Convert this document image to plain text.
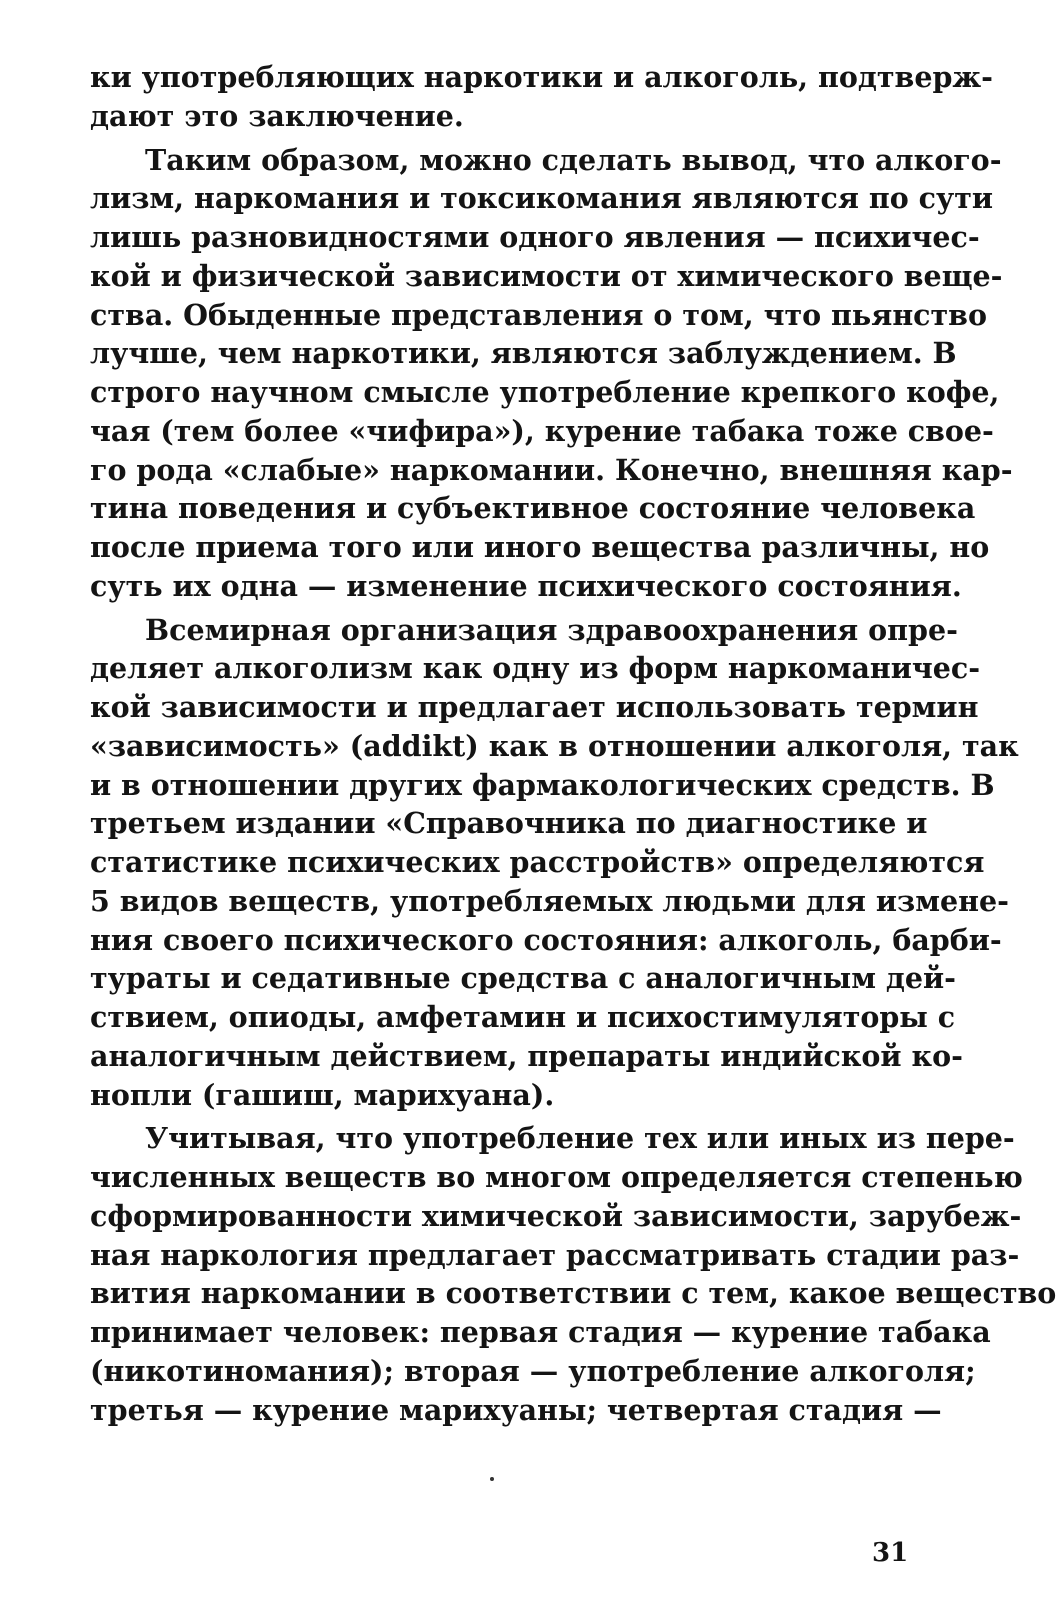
ки употребляющих наркотики и алкоголь, подтверж-
дают это заключение.
Таким образом, можно сделать вывод, что алкого-
лизм, наркомания и токсикомания являются по сути
лишь разновидностями одного явления — психичес-
кой и физической зависимости от химического веще-
ства. Обыденные представления о том, что пьянство
лучше, чем наркотики, являются заблуждением. В
строго научном смысле употребление крепкого кофе,
чая (тем более «чифира»), курение табака тоже свое-
го рода «слабые» наркомании. Конечно, внешняя кар-
тина поведения и субъективное состояние человека
после приема того или иного вещества различны, но
суть их одна — изменение психического состояния.
Всемирная организация здравоохранения опре-
деляет алкоголизм как одну из форм наркоманичес-
кой зависимости и предлагает использовать термин
«зависимость» (addikt) как в отношении алкоголя, так
и в отношении других фармакологических средств. В
третьем издании «Справочника по диагностике и
статистике психических расстройств» определяются
5 видов веществ, употребляемых людьми для измене-
ния своего психического состояния: алкоголь, барби-
тураты и седативные средства с аналогичным дей-
ствием, опиоды, амфетамин и психостимуляторы с
аналогичным действием, препараты индийской ко-
нопли (гашиш, марихуана).
Учитывая, что употребление тех или иных из пере-
численных веществ во многом определяется степенью
сформированности химической зависимости, зарубеж-
ная наркология предлагает рассматривать стадии раз-
вития наркомании в соответствии с тем, какое вещество
принимает человек: первая стадия — курение табака
(никотиномания); вторая — употребление алкоголя;
третья — курение марихуаны; четвертая стадия —
31
